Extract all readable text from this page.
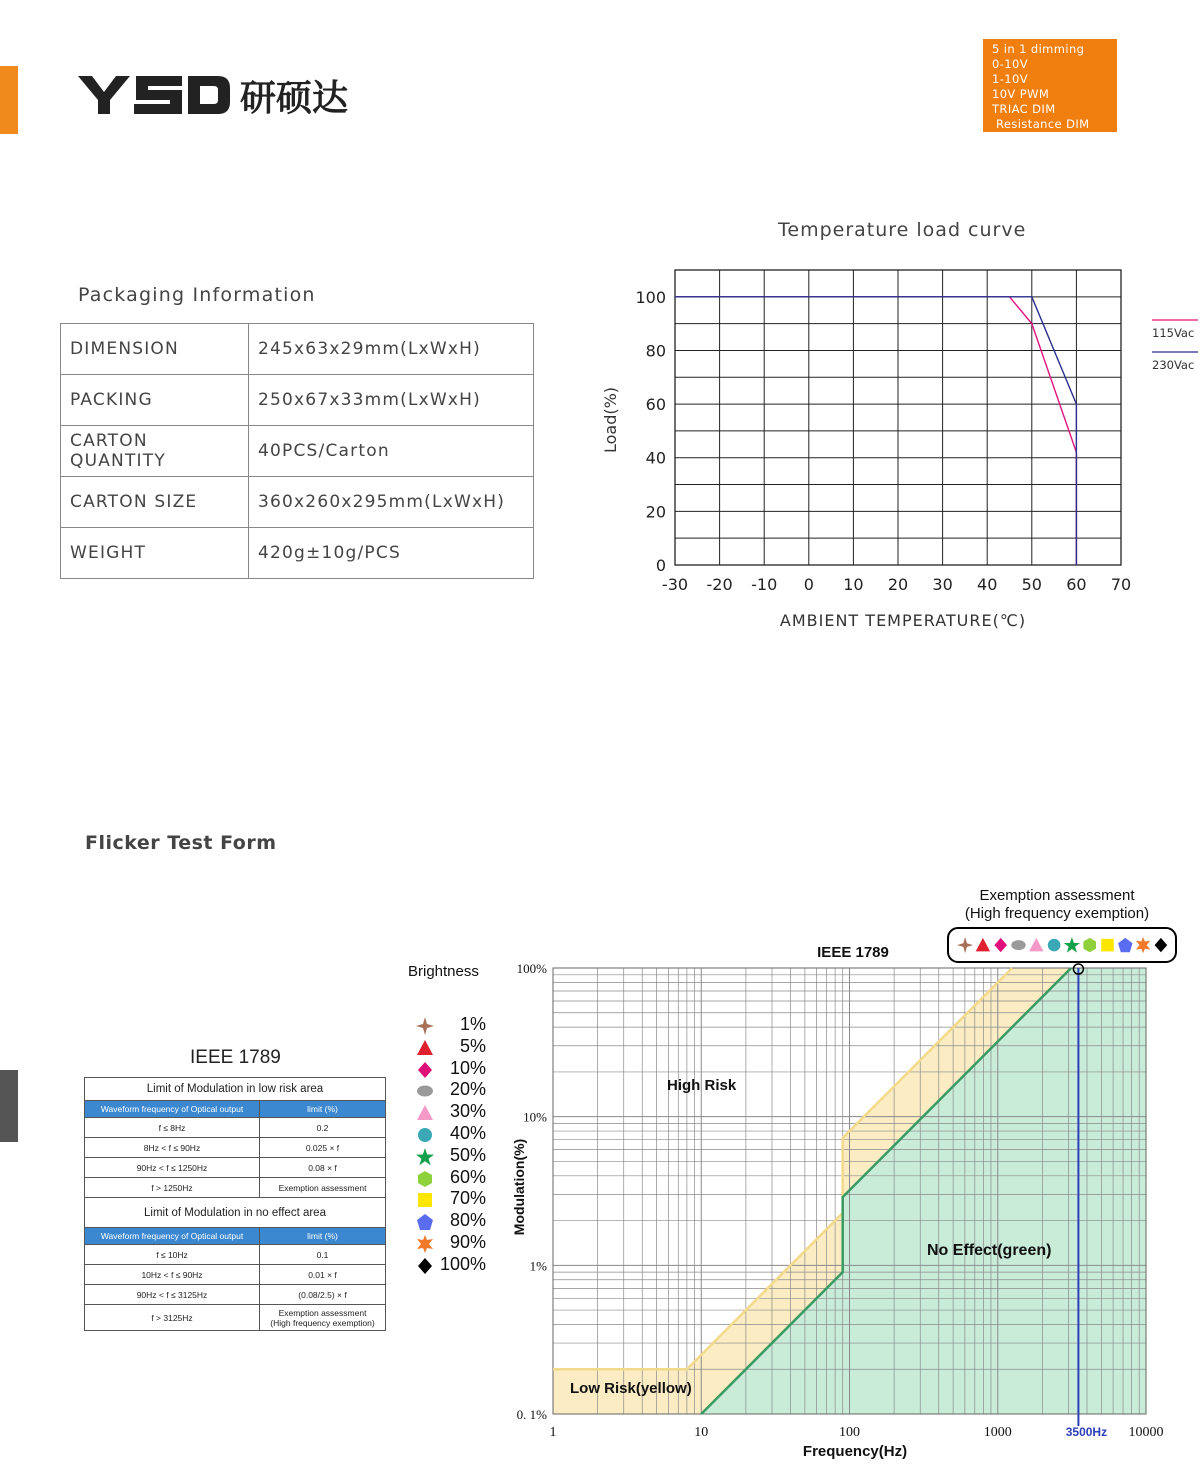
研硕达
5 in 1 dimming
0-10V
1-10V
10V PWM
TRIAC DIM
Resistance DIM
Packaging Information
DIMENSION	245x63x29mm(LxWxH)
PACKING	250x67x33mm(LxWxH)
CARTON QUANTITY	40PCS/Carton
CARTON SIZE	360x260x295mm(LxWxH)
WEIGHT	420g±10g/PCS
Temperature load curve
115Vac
230Vac
-30 -20 -10 0 10 20 30 40 50 60 70
0
20
40
60
80
100
AMBIENT TEMPERATURE(℃)
Load(%)
Flicker Test Form
IEEE 1789
Limit of Modulation in low risk area	
Waveform frequency of Optical output	limit (%)
f ≤ 8Hz	0.2
8Hz < f ≤ 90Hz	0.025 × f
90Hz < f ≤ 1250Hz	0.08 × f
f > 1250Hz	Exemption assessment
Limit of Modulation in no effect area	
Waveform frequency of Optical output	limit (%)
f ≤ 10Hz	0.1
10Hz < f ≤ 90Hz	0.01 × f
90Hz < f ≤ 3125Hz	(0.08/2.5) × f
f > 3125Hz	Exemption assessment
(High frequency exemption)
Brightness
1%
5%
10%
20%
30%
40%
50%
60%
70%
80%
90%
100%
0. 1%
1%
10%
100%
1	10	100	1000	10000
3500Hz
Frequency(Hz)
Modulation(%)
IEEE 1789
High Risk
Low Risk(yellow)
No Effect(green)
Exemption assessment
(High frequency exemption)
